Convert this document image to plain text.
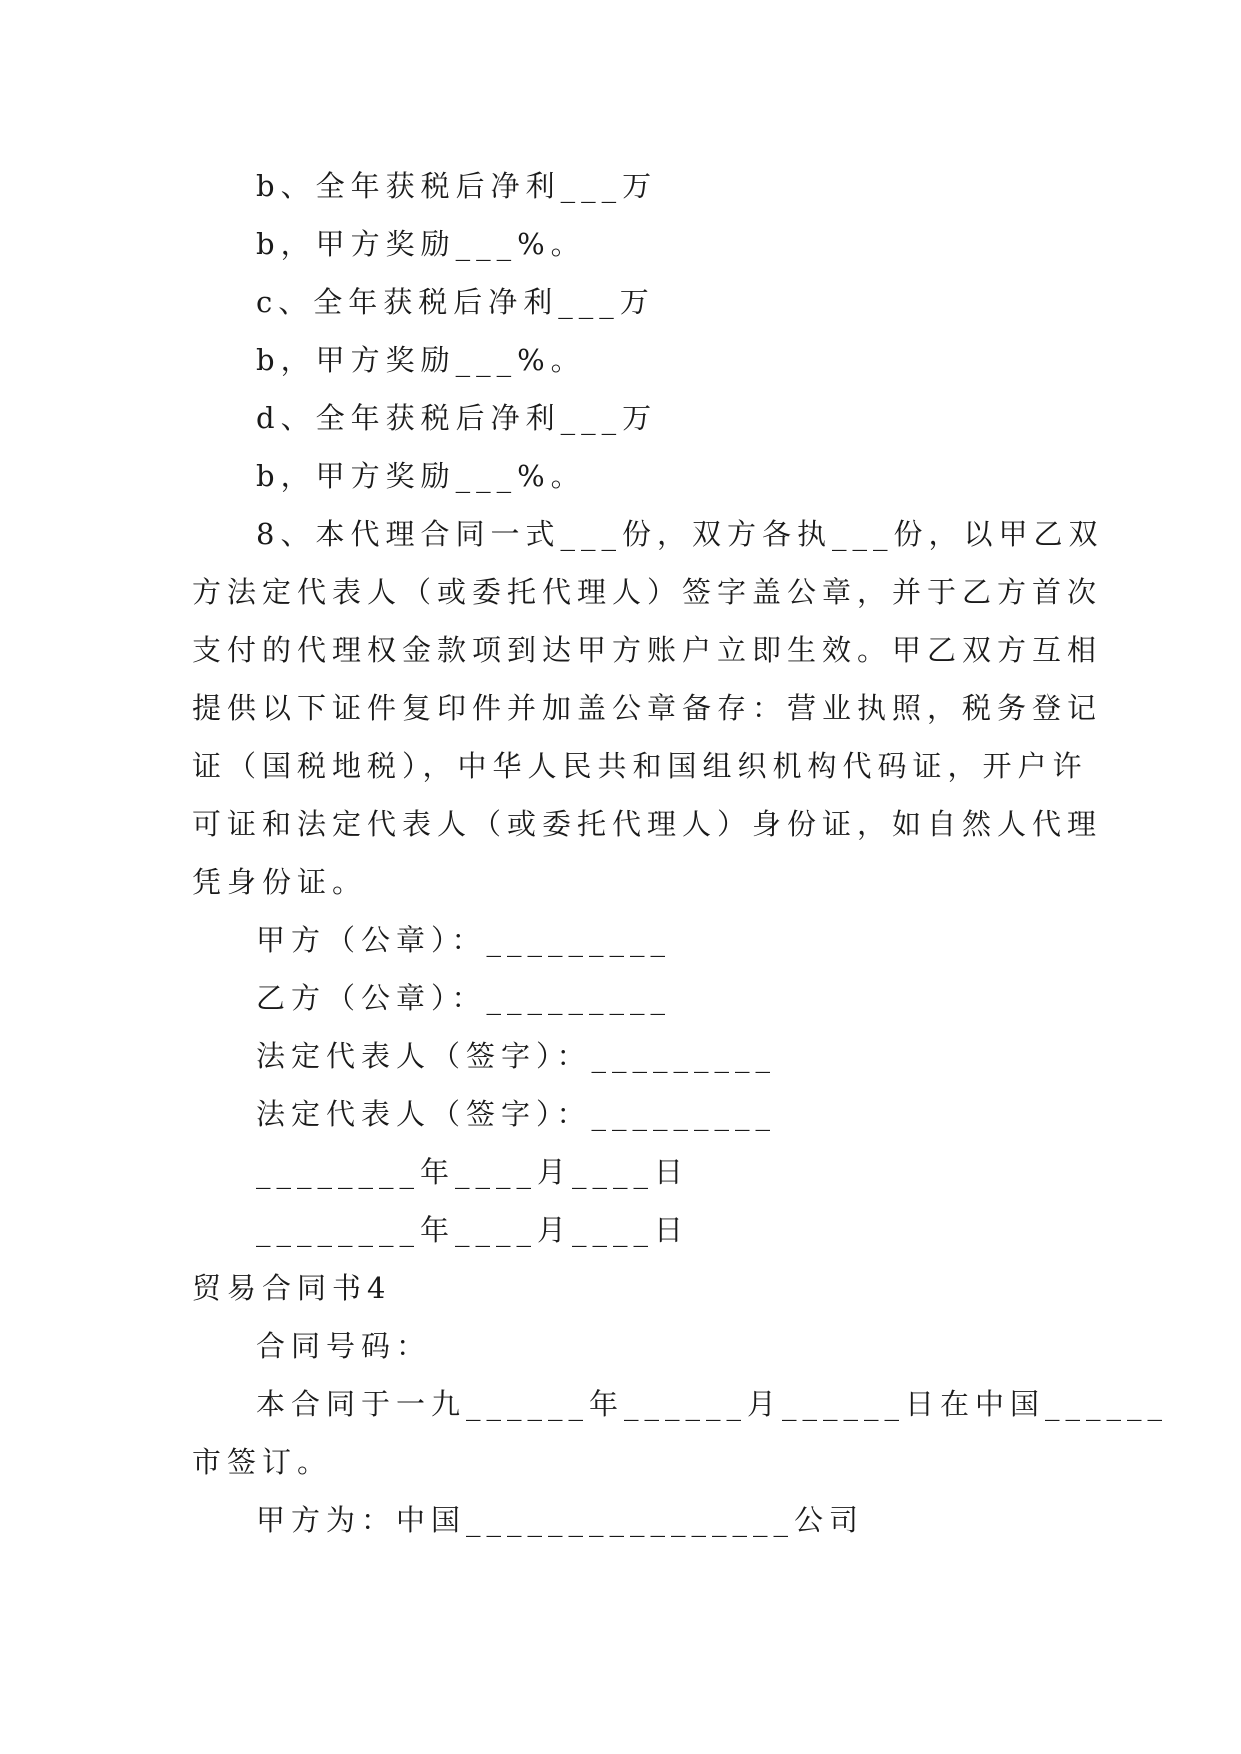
b、全年获税后净利___万
b，甲方奖励___%。
c、全年获税后净利___万
b，甲方奖励___%。
d、全年获税后净利___万
b，甲方奖励___%。
8、本代理合同一式___份，双方各执___份，以甲乙双
方法定代表人（或委托代理人）签字盖公章，并于乙方首次
支付的代理权金款项到达甲方账户立即生效。甲乙双方互相
提供以下证件复印件并加盖公章备存：营业执照，税务登记
证（国税地税），中华人民共和国组织机构代码证，开户许
可证和法定代表人（或委托代理人）身份证，如自然人代理
凭身份证。
甲方（公章）：_________
乙方（公章）：_________
法定代表人（签字）：_________
法定代表人（签字）：_________
________年____月____日
________年____月____日
贸易合同书4
合同号码：
本合同于一九______年______月______日在中国______
市签订。
甲方为：中国________________公司
